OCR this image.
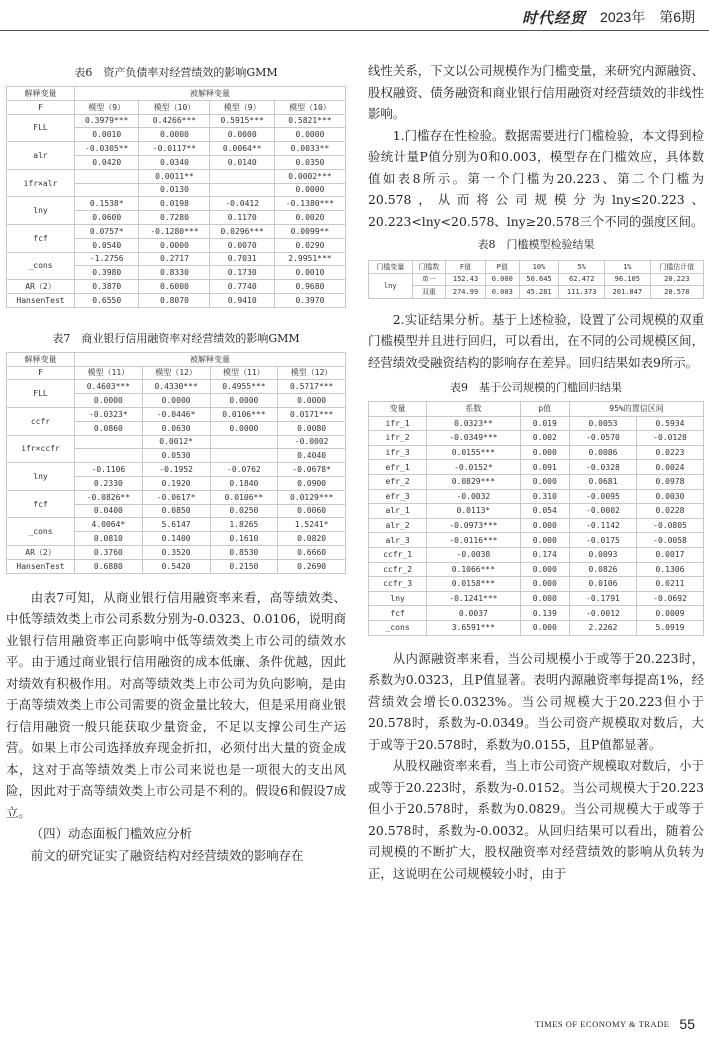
时代经贸 2023年 第6期
表6　资产负债率对经营绩效的影响GMM
解释变量	被解释变量			
F	模型（9）	模型（10）	模型（9）	模型（10）
FLL	0.3979***	0.4266***	0.5915***	0.5821***
	0.0010	0.0000	0.0000	0.0000
alr	-0.0305**	-0.0117**	0.0064**	0.0033**
	0.0420	0.0340	0.0140	0.0350
ifr×alr		0.0011**		0.0002***
		0.0130		0.0000
lny	0.1538*	0.0198	-0.0412	-0.1380***
	0.0600	0.7280	0.1170	0.0020
fcf	0.0757*	-0.1280***	0.0296***	0.0099**
	0.0540	0.0000	0.0070	0.0290
_cons	-1.2756	0.2717	0.7031	2.9951***
	0.3980	0.8330	0.1730	0.0010
AR（2）	0.3870	0.6000	0.7740	0.9680
HansenTest	0.6550	0.8070	0.9410	0.3970
表7　商业银行信用融资率对经营绩效的影响GMM
解释变量	被解释变量			
F	模型（11）	模型（12）	模型（11）	模型（12）
FLL	0.4603***	0.4330***	0.4955***	0.5717***
	0.0000	0.0000	0.0000	0.0000
ccfr	-0.0323*	-0.0446*	0.0106***	0.0171***
	0.0860	0.0630	0.0000	0.0080
ifr×ccfr		0.0012*		-0.0002
		0.0530		0.4040
lny	-0.1106	-0.1952	-0.0762	-0.0678*
	0.2330	0.1920	0.1840	0.0900
fcf	-0.0826**	-0.0617*	0.0106**	0.0129***
	0.0400	0.0850	0.0250	0.0060
_cons	4.0064*	5.6147	1.8265	1.5241*
	0.0810	0.1400	0.1610	0.0820
AR（2）	0.3760	0.3520	0.8530	0.6660
HansenTest	0.6880	0.5420	0.2150	0.2690

由表7可知，从商业银行信用融资率来看，高等绩效类、中低等绩效类上市公司系数分别为-0.0323、0.0106，说明商业银行信用融资率正向影响中低等绩效类上市公司的绩效水平。由于通过商业银行信用融资的成本低廉、条件优越，因此对绩效有积极作用。对高等绩效类上市公司为负向影响，是由于高等绩效类上市公司需要的资金量比较大，但是采用商业银行信用融资一般只能获取少量资金，不足以支撑公司生产运营。如果上市公司选择放弃现金折扣，必须付出大量的资金成本，这对于高等绩效类上市公司来说也是一项很大的支出风险，因此对于高等绩效类上市公司是不利的。假设6和假设7成立。

（四）动态面板门槛效应分析

前文的研究证实了融资结构对经营绩效的影响存在

线性关系，下文以公司规模作为门槛变量，来研究内源融资、股权融资、债务融资和商业银行信用融资对经营绩效的非线性影响。

1.门槛存在性检验。数据需要进行门槛检验，本文得到检验统计量P值分别为0和0.003，模型存在门槛效应，具体数值如表8所示。第一个门槛为20.223、第二个门槛为20.578，从而将公司规模分为lny≤20.223、20.223<lny<20.578、lny≥20.578三个不同的强度区间。

表8　门槛模型检验结果
门槛变量	门槛数	F值	P值	10%	5%	1%	门槛估计值
lny	单一	152.43	0.000	50.645	62.472	96.105	20.223
	双重	274.99	0.003	45.281	111.373	201.847	20.578

2.实证结果分析。基于上述检验，设置了公司规模的双重门槛模型并且进行回归，可以看出，在不同的公司规模区间，经营绩效受融资结构的影响存在差异。回归结果如表9所示。

表9　基于公司规模的门槛回归结果
变量	系数	p值	95%的置信区间	
ifr_1	0.0323**	0.019	0.0053	0.5934
ifr_2	-0.0349***	0.002	-0.0570	-0.0128
ifr_3	0.0155***	0.000	0.0086	0.0223
efr_1	-0.0152*	0.091	-0.0328	0.0024
efr_2	0.0829***	0.000	0.0681	0.0978
efr_3	-0.0032	0.310	-0.0095	0.0030
alr_1	0.0113*	0.054	-0.0002	0.0228
alr_2	-0.0973***	0.000	-0.1142	-0.0805
alr_3	-0.0116***	0.000	-0.0175	-0.0058
ccfr_1	-0.0038	0.174	0.0093	0.0017
ccfr_2	0.1066***	0.000	0.0826	0.1306
ccfr_3	0.0158***	0.000	0.0106	0.0211
lny	-0.1241***	0.000	-0.1791	-0.0692
fcf	0.0037	0.139	-0.0012	0.0009
_cons	3.6591***	0.000	2.2262	5.0919

从内源融资率来看，当公司规模小于或等于20.223时，系数为0.0323，且P值显著。表明内源融资率每提高1%，经营绩效会增长0.0323%。当公司规模大于20.223但小于20.578时，系数为-0.0349。当公司资产规模取对数后，大于或等于20.578时，系数为0.0155，且P值都显著。

从股权融资率来看，当上市公司资产规模取对数后，小于或等于20.223时，系数为-0.0152。当公司规模大于20.223但小于20.578时，系数为0.0829。当公司规模大于或等于20.578时，系数为-0.0032。从回归结果可以看出，随着公司规模的不断扩大，股权融资率对经营绩效的影响从负转为正，这说明在公司规模较小时，由于

TIMES OF ECONOMY & TRADE 55
